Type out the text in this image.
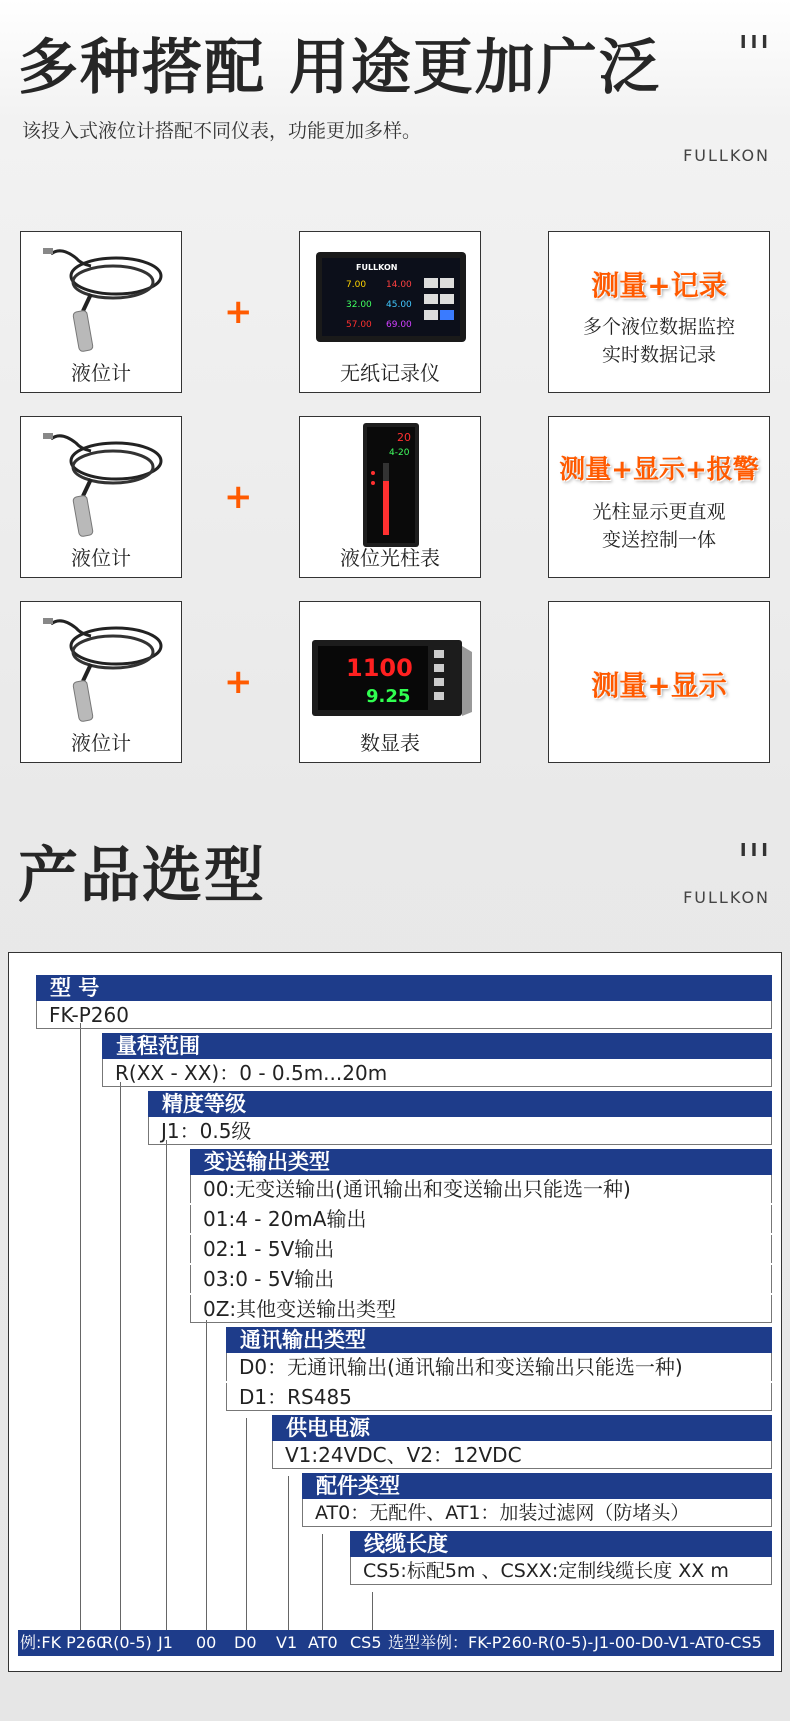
多种搭配 用途更加广泛
该投入式液位计搭配不同仪表，功能更加多样。
III
FULLKON
液位计
+
FULLKON
7.00 14.00
32.00 45.00
57.00 69.00
无纸记录仪
测量+记录
多个液位数据监控
实时数据记录
液位计
+
20
4-20
液位光柱表
测量+显示+报警
光柱显示更直观
变送控制一体
液位计
+	1100
9.25
数显表
测量+显示
产品选型	III
FULLKON
型 号
FK-P260
量程范围
R(XX - XX)：0 - 0.5m...20m
精度等级
J1：0.5级
变送输出类型
00:无变送输出(通讯输出和变送输出只能选一种)
01:4 - 20mA输出
02:1 - 5V输出
03:0 - 5V输出
0Z:其他变送输出类型
通讯输出类型
D0：无通讯输出(通讯输出和变送输出只能选一种)
D1：RS485
供电电源
V1:24VDC、V2：12VDC
配件类型
AT0：无配件、AT1：加装过滤网（防堵头）
线缆长度
CS5:标配5m 、CSXX:定制线缆长度 XX m
例:FK P260
R(0-5) J1 00 D0 V1 AT0 CS5 选型举例：FK-P260-R(0-5)-J1-00-D0-V1-AT0-CS5
